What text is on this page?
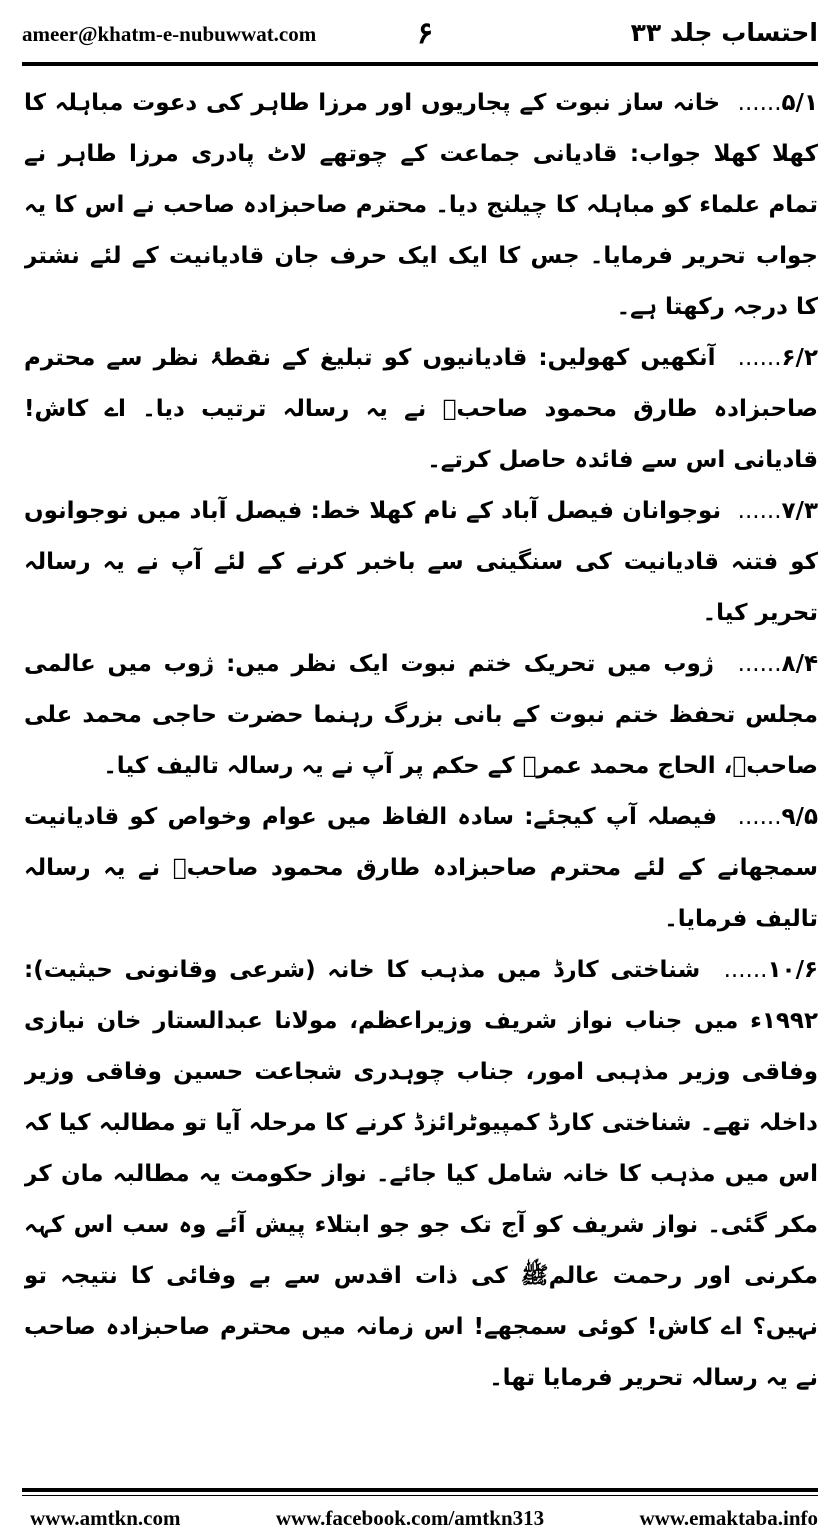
ameer@khatm-e-nubuwwat.com	۶	احتساب جلد ۳۳

۵/۱......  خانہ ساز نبوت کے پجاریوں اور مرزا طاہر کی دعوت مباہلہ کا کھلا کھلا جواب: قادیانی جماعت کے چوتھے لاٹ پادری مرزا طاہر نے تمام علماء کو مباہلہ کا چیلنج دیا۔ محترم صاحبزادہ صاحب نے اس کا یہ جواب تحریر فرمایا۔ جس کا ایک ایک حرف جان قادیانیت کے لئے نشتر کا درجہ رکھتا ہے۔

۶/۲......  آنکھیں کھولیں: قادیانیوں کو تبلیغ کے نقطۂ نظر سے محترم صاحبزادہ طارق محمود صاحبؒ نے یہ رسالہ ترتیب دیا۔ اے کاش! قادیانی اس سے فائدہ حاصل کرتے۔

۷/۳......  نوجوانان فیصل آباد کے نام کھلا خط: فیصل آباد میں نوجوانوں کو فتنہ قادیانیت کی سنگینی سے باخبر کرنے کے لئے آپ نے یہ رسالہ تحریر کیا۔

۸/۴......  ژوب میں تحریک ختم نبوت ایک نظر میں: ژوب میں عالمی مجلس تحفظ ختم نبوت کے بانی بزرگ رہنما حضرت حاجی محمد علی صاحبؒ، الحاج محمد عمرؒ کے حکم پر آپ نے یہ رسالہ تالیف کیا۔

۹/۵......  فیصلہ آپ کیجئے: سادہ الفاظ میں عوام وخواص کو قادیانیت سمجھانے کے لئے محترم صاحبزادہ طارق محمود صاحبؒ نے یہ رسالہ تالیف فرمایا۔

۱۰/۶......  شناختی کارڈ میں مذہب کا خانہ (شرعی وقانونی حیثیت): ۱۹۹۲ء میں جناب نواز شریف وزیراعظم، مولانا عبدالستار خان نیازی وفاقی وزیر مذہبی امور، جناب چوہدری شجاعت حسین وفاقی وزیر داخلہ تھے۔ شناختی کارڈ کمپیوٹرائزڈ کرنے کا مرحلہ آیا تو مطالبہ کیا کہ اس میں مذہب کا خانہ شامل کیا جائے۔ نواز حکومت یہ مطالبہ مان کر مکر گئی۔ نواز شریف کو آج تک جو جو ابتلاء پیش آئے وہ سب اس کہہ مکرنی اور رحمت عالمﷺ کی ذات اقدس سے بے وفائی کا نتیجہ تو نہیں؟ اے کاش! کوئی سمجھے! اس زمانہ میں محترم صاحبزادہ صاحب نے یہ رسالہ تحریر فرمایا تھا۔

www.amtkn.com	www.facebook.com/amtkn313	www.emaktaba.info
